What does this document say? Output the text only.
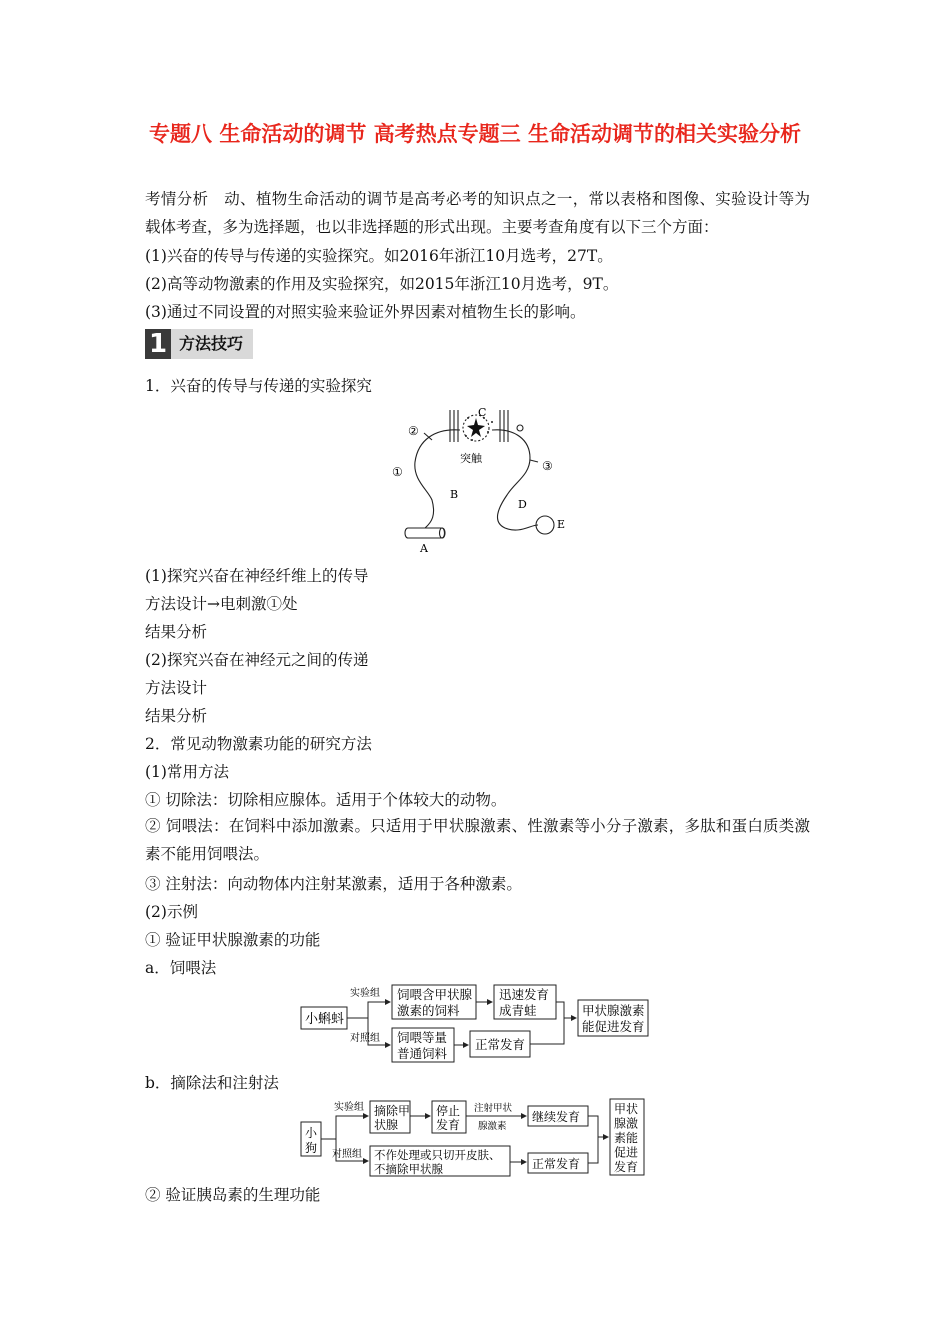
专题八 生命活动的调节 高考热点专题三 生命活动调节的相关实验分析
考情分析　动、植物生命活动的调节是高考必考的知识点之一，常以表格和图像、实验设计等为载体考查，多为选择题，也以非选择题的形式出现。主要考查角度有以下三个方面：
(1)兴奋的传导与传递的实验探究。如2016年浙江10月选考，27T。
(2)高等动物激素的作用及实验探究，如2015年浙江10月选考，9T。
(3)通过不同设置的对照实验来验证外界因素对植物生长的影响。
1 方法技巧
1．兴奋的传导与传递的实验探究
C
突触
②
①	③
B
A
D
E
(1)探究兴奋在神经纤维上的传导
方法设计→电刺激①处
结果分析
(2)探究兴奋在神经元之间的传递
方法设计
结果分析
2．常见动物激素功能的研究方法
(1)常用方法
① 切除法：切除相应腺体。适用于个体较大的动物。
② 饲喂法：在饲料中添加激素。只适用于甲状腺激素、性激素等小分子激素，多肽和蛋白质类激素不能用饲喂法。
③ 注射法：向动物体内注射某激素，适用于各种激素。
(2)示例
① 验证甲状腺激素的功能
a．饲喂法
小蝌蚪
实验组
对照组
饲喂含甲状腺
激素的饲料
迅速发育
成青蛙
饲喂等量
普通饲料
正常发育
甲状腺激素
能促进发育
b．摘除法和注射法
小
狗
实验组
对照组
摘除甲
状腺
停止
发育
注射甲状
腺激素
继续发育
不作处理或只切开皮肤、
不摘除甲状腺	正常发育
甲状
腺激
素能
促进
发育
② 验证胰岛素的生理功能
